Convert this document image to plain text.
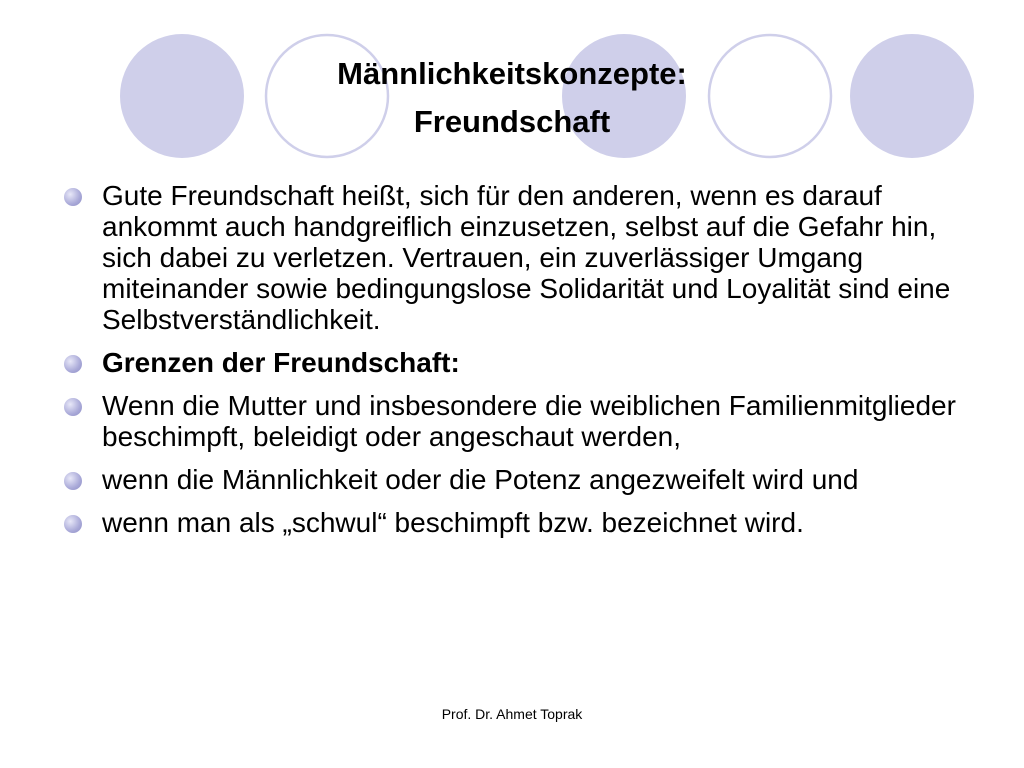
Männlichkeitskonzepte:
Freundschaft
Gute Freundschaft heißt, sich für den anderen, wenn es darauf ankommt auch handgreiflich einzusetzen, selbst auf die Gefahr hin, sich dabei zu verletzen. Vertrauen, ein zuverlässiger Umgang miteinander sowie bedingungslose Solidarität und Loyalität sind eine Selbstverständlichkeit.
Grenzen der Freundschaft:
Wenn die Mutter und insbesondere die weiblichen Familienmitglieder beschimpft, beleidigt oder angeschaut werden,
wenn die Männlichkeit oder die Potenz angezweifelt wird und
wenn man als „schwul“ beschimpft bzw. bezeichnet wird.
Prof. Dr. Ahmet Toprak
